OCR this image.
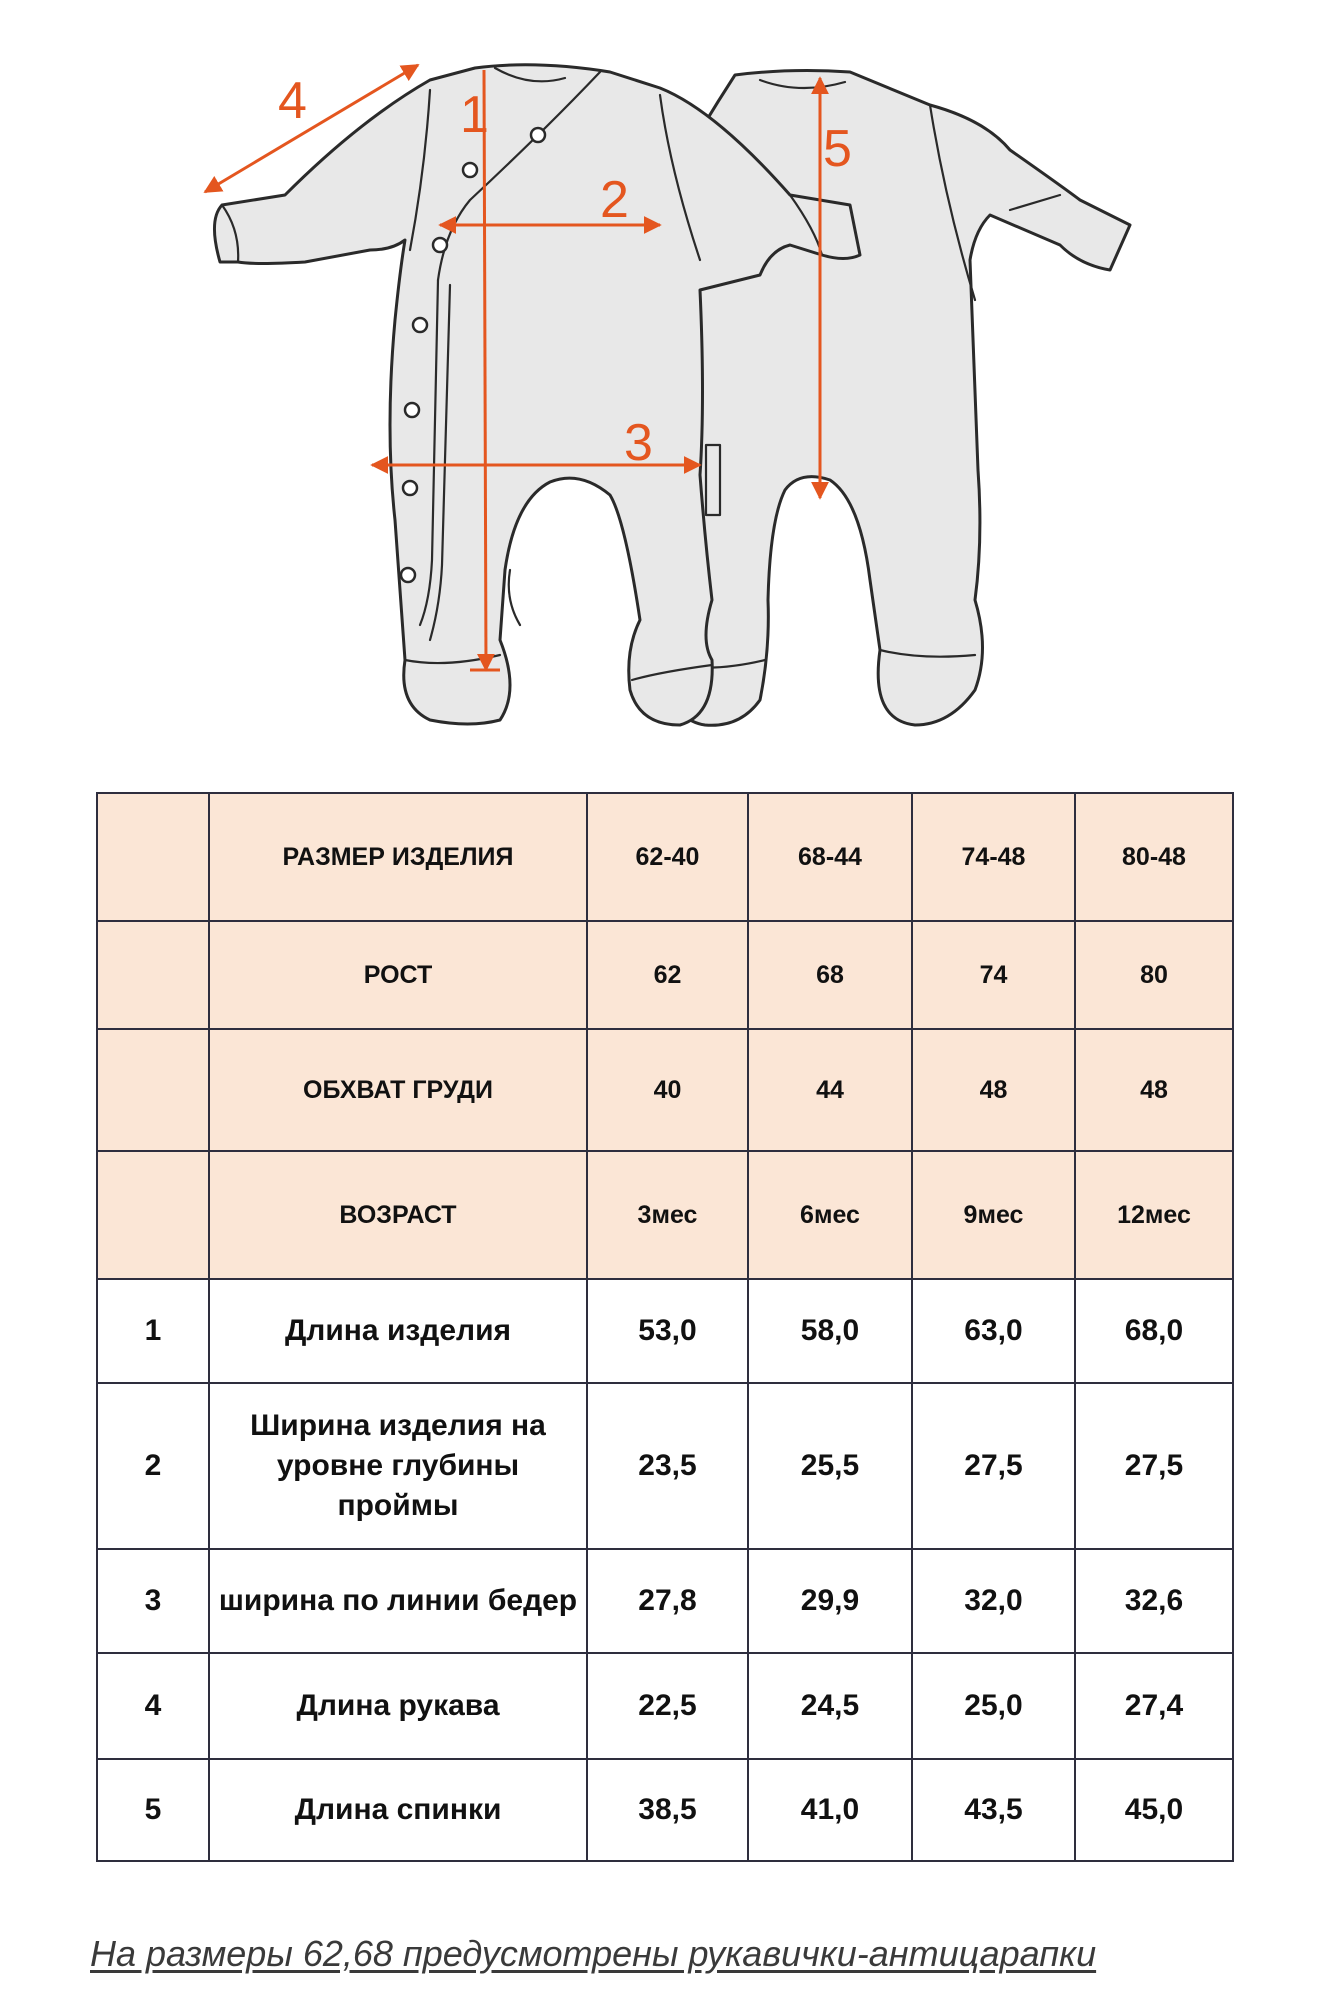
1
2
3
4
5
	РАЗМЕР ИЗДЕЛИЯ	62-40	68-44	74-48	80-48
	РОСТ	62	68	74	80
	ОБХВАТ ГРУДИ	40	44	48	48
	ВОЗРАСТ	3мес	6мес	9мес	12мес
1	Длина изделия	53,0	58,0	63,0	68,0
2	Ширина изделия на уровне глубины проймы	23,5	25,5	27,5	27,5
3	ширина по линии бедер	27,8	29,9	32,0	32,6
4	Длина рукава	22,5	24,5	25,0	27,4
5	Длина спинки	38,5	41,0	43,5	45,0
На размеры 62,68 предусмотрены рукавички-антицарапки
